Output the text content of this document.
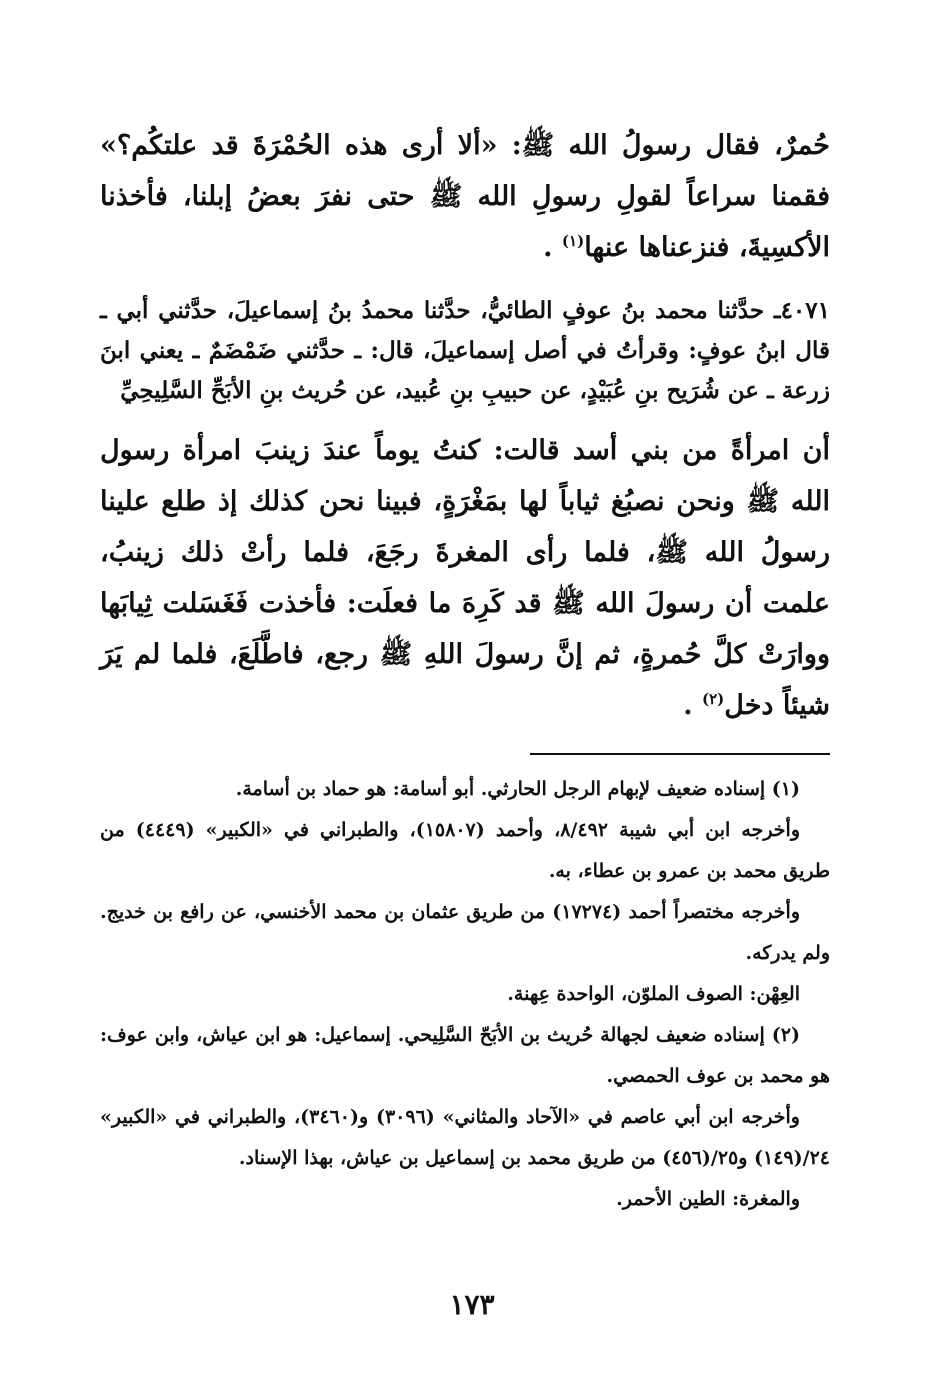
حُمرٌ، فقال رسولُ الله ﷺ: «ألا أرى هذه الحُمْرَةَ قد علتكُم؟» فقمنا سراعاً لقولِ رسولِ الله ﷺ حتى نفرَ بعضُ إبلنا، فأخذنا الأكسِيةَ، فنزعناها عنها$^{(١)}$ .

٤٠٧١ـ حدَّثنا محمد بنُ عوفٍ الطائيُّ، حدَّثنا محمدُ بنُ إسماعيلَ، حدَّثني أبي ـ قال ابنُ عوفٍ: وقرأتُ في أصل إسماعيلَ، قال: ـ حدَّثني ضَمْضَمٌ ـ يعني ابنَ زرعة ـ عن شُرَيح بنِ عُبَيْدٍ، عن حبيبِ بنِ عُبيد، عن حُريث بنِ الأبَحِّ السَّلِيحِيِّ

أن امرأةً من بني أسد قالت: كنتُ يوماً عندَ زينبَ امرأة رسول الله ﷺ ونحن نصبُغ ثياباً لها بمَغْرَةٍ، فبينا نحن كذلك إذ طلع علينا رسولُ الله ﷺ، فلما رأى المغرةَ رجَعَ، فلما رأتْ ذلك زينبُ، علمت أن رسولَ الله ﷺ قد كَرِهَ ما فعلَت: فأخذت فَغَسَلت ثِيابَها ووارَتْ كلَّ حُمرةٍ، ثم إنَّ رسولَ اللهِ ﷺ رجع، فاطَّلَعَ، فلما لم يَرَ شيئاً دخل$^{(٢)}$ .

(١) إسناده ضعيف لإبهام الرجل الحارثي. أبو أسامة: هو حماد بن أسامة.

وأخرجه ابن أبي شيبة ٨/٤٩٢، وأحمد (١٥٨٠٧)، والطبراني في «الكبير» (٤٤٤٩) من طريق محمد بن عمرو بن عطاء، به.

وأخرجه مختصراً أحمد (١٧٢٧٤) من طريق عثمان بن محمد الأخنسي، عن رافع بن خديج. ولم يدركه.

العِهْن: الصوف الملوّن، الواحدة عِهنة.

(٢) إسناده ضعيف لجهالة حُريث بن الأبَحّ السَّلِيحي. إسماعيل: هو ابن عياش، وابن عوف: هو محمد بن عوف الحمصي.

وأخرجه ابن أبي عاصم في «الآحاد والمثاني» (٣٠٩٦) و(٣٤٦٠)، والطبراني في «الكبير» ٢٤/(١٤٩) و٢٥/(٤٥٦) من طريق محمد بن إسماعيل بن عياش، بهذا الإسناد.

والمغرة: الطين الأحمر.

١٧٣
